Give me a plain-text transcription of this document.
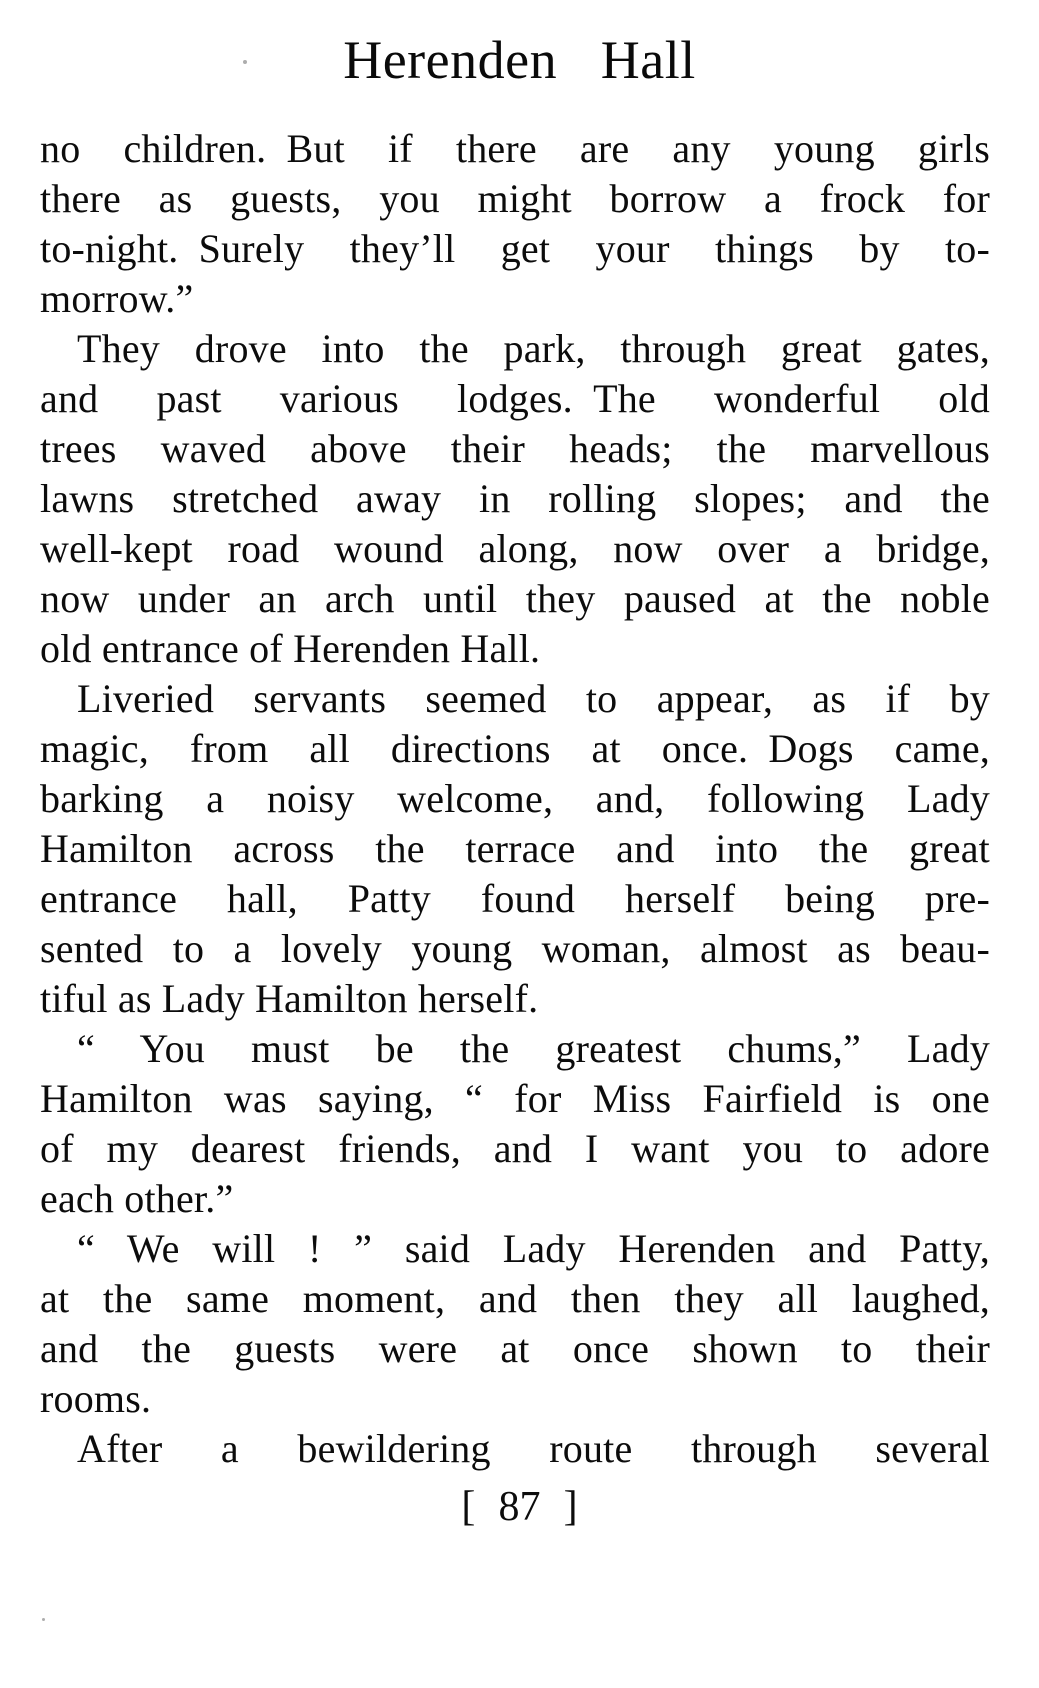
Herenden Hall
no children. But if there are any young girls
there as guests, you might borrow a frock for
to-night. Surely they’ll get your things by to-
morrow.”
They drove into the park, through great gates,
and past various lodges. The wonderful old
trees waved above their heads; the marvellous
lawns stretched away in rolling slopes; and the
well-kept road wound along, now over a bridge,
now under an arch until they paused at the noble
old entrance of Herenden Hall.
Liveried servants seemed to appear, as if by
magic, from all directions at once. Dogs came,
barking a noisy welcome, and, following Lady
Hamilton across the terrace and into the great
entrance hall, Patty found herself being pre-
sented to a lovely young woman, almost as beau-
tiful as Lady Hamilton herself.
“ You must be the greatest chums,” Lady
Hamilton was saying, “ for Miss Fairfield is one
of my dearest friends, and I want you to adore
each other.”
“ We will ! ” said Lady Herenden and Patty,
at the same moment, and then they all laughed,
and the guests were at once shown to their
rooms.
After a bewildering route through several
[ 87 ]
